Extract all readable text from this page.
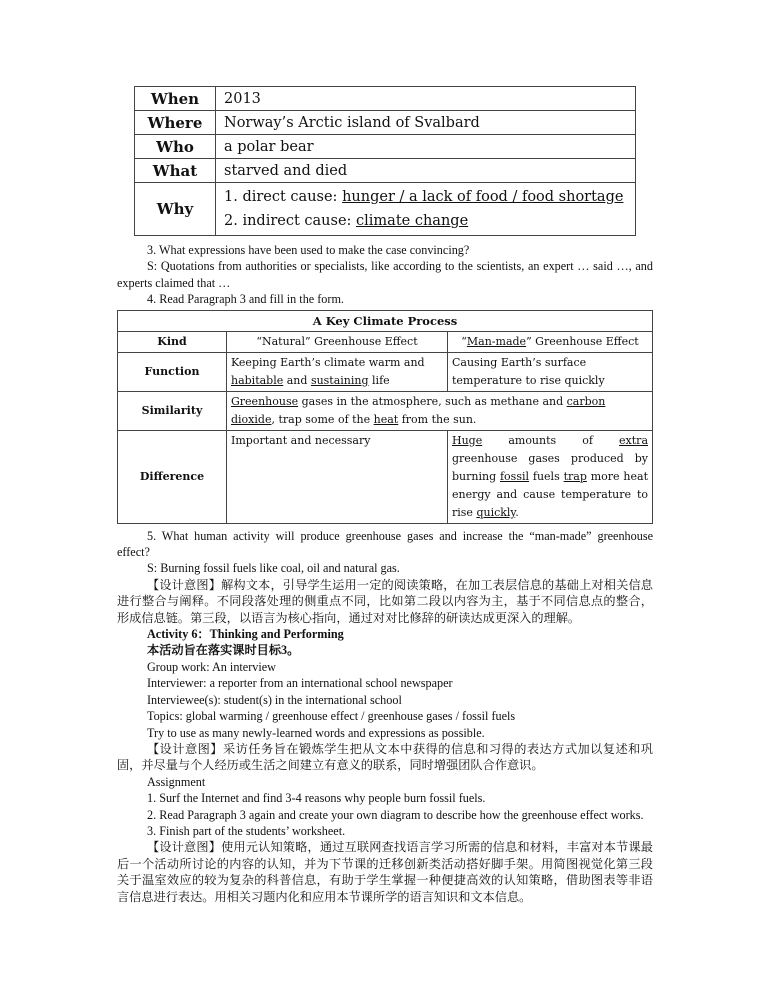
When	2013
Where	Norway’s Arctic island of Svalbard
Who	a polar bear
What	starved and died
Why	1. direct cause: hunger / a lack of food / food shortage
2. indirect cause: climate change

3. What expressions have been used to make the case convincing?

S: Quotations from authorities or specialists, like according to the scientists, an expert … said …, and experts claimed that …

4. Read Paragraph 3 and fill in the form.

A Key Climate Process		
Kind	“Natural” Greenhouse Effect	“Man-made” Greenhouse Effect
Function	Keeping Earth’s climate warm and habitable and sustaining life	Causing Earth’s surface temperature to rise quickly
Similarity	Greenhouse gases in the atmosphere, such as methane and carbon dioxide, trap some of the heat from the sun.	
Difference	Important and necessary	Huge amounts of extra greenhouse gases produced by burning fossil fuels trap more heat energy and cause temperature to rise quickly.

5. What human activity will produce greenhouse gases and increase the “man-made” greenhouse effect?

S: Burning fossil fuels like coal, oil and natural gas.

【设计意图】解构文本，引导学生运用一定的阅读策略，在加工表层信息的基础上对相关信息进行整合与阐释。不同段落处理的侧重点不同，比如第二段以内容为主，基于不同信息点的整合，形成信息链。第三段，以语言为核心指向，通过对对比修辞的研读达成更深入的理解。

Activity 6：Thinking and Performing

本活动旨在落实课时目标3。

Group work: An interview

Interviewer: a reporter from an international school newspaper

Interviewee(s): student(s) in the international school

Topics: global warming / greenhouse effect / greenhouse gases / fossil fuels

Try to use as many newly-learned words and expressions as possible.

【设计意图】采访任务旨在锻炼学生把从文本中获得的信息和习得的表达方式加以复述和巩固，并尽量与个人经历或生活之间建立有意义的联系，同时增强团队合作意识。

Assignment

1. Surf the Internet and find 3-4 reasons why people burn fossil fuels.

2. Read Paragraph 3 again and create your own diagram to describe how the greenhouse effect works.

3. Finish part of the students’ worksheet.

【设计意图】使用元认知策略，通过互联网查找语言学习所需的信息和材料，丰富对本节课最后一个活动所讨论的内容的认知，并为下节课的迁移创新类活动搭好脚手架。用简图视觉化第三段关于温室效应的较为复杂的科普信息，有助于学生掌握一种便捷高效的认知策略，借助图表等非语言信息进行表达。用相关习题内化和应用本节课所学的语言知识和文本信息。
